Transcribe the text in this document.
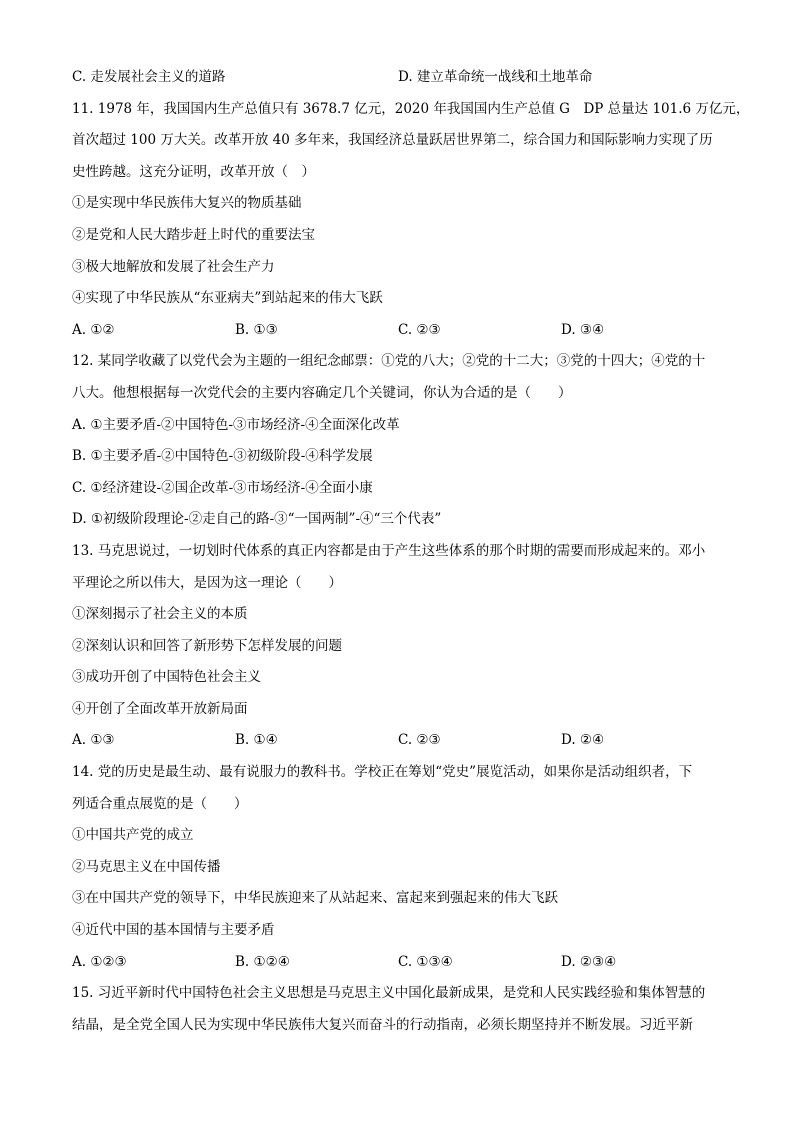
C. 走发展社会主义的道路	D. 建立革命统一战线和土地革命
11. 1978 年，我国国内生产总值只有 3678.7 亿元，2020 年我国国内生产总值 G　DP 总量达 101.6 万亿元，
首次超过 100 万大关。改革开放 40 多年来，我国经济总量跃居世界第二，综合国力和国际影响力实现了历
史性跨越。这充分证明，改革开放（　）
①是实现中华民族伟大复兴的物质基础
②是党和人民大踏步赶上时代的重要法宝
③极大地解放和发展了社会生产力
④实现了中华民族从“东亚病夫”到站起来的伟大飞跃
A. ①②	B. ①③	C. ②③	D. ③④
12. 某同学收藏了以党代会为主题的一组纪念邮票：①党的八大；②党的十二大；③党的十四大；④党的十
八大。他想根据每一次党代会的主要内容确定几个关键词，你认为合适的是（　　）
A. ①主要矛盾-②中国特色-③市场经济-④全面深化改革
B. ①主要矛盾-②中国特色-③初级阶段-④科学发展
C. ①经济建设-②国企改革-③市场经济-④全面小康
D. ①初级阶段理论-②走自己的路-③“一国两制”-④“三个代表”
13. 马克思说过，一切划时代体系的真正内容都是由于产生这些体系的那个时期的需要而形成起来的。邓小
平理论之所以伟大，是因为这一理论（　　）
①深刻揭示了社会主义的本质
②深刻认识和回答了新形势下怎样发展的问题
③成功开创了中国特色社会主义
④开创了全面改革开放新局面
A. ①③	B. ①④	C. ②③	D. ②④
14. 党的历史是最生动、最有说服力的教科书。学校正在筹划“党史”展览活动，如果你是活动组织者，下
列适合重点展览的是（　　）
①中国共产党的成立
②马克思主义在中国传播
③在中国共产党的领导下，中华民族迎来了从站起来、富起来到强起来的伟大飞跃
④近代中国的基本国情与主要矛盾
A. ①②③	B. ①②④	C. ①③④	D. ②③④
15. 习近平新时代中国特色社会主义思想是马克思主义中国化最新成果，是党和人民实践经验和集体智慧的
结晶，是全党全国人民为实现中华民族伟大复兴而奋斗的行动指南，必须长期坚持并不断发展。习近平新
